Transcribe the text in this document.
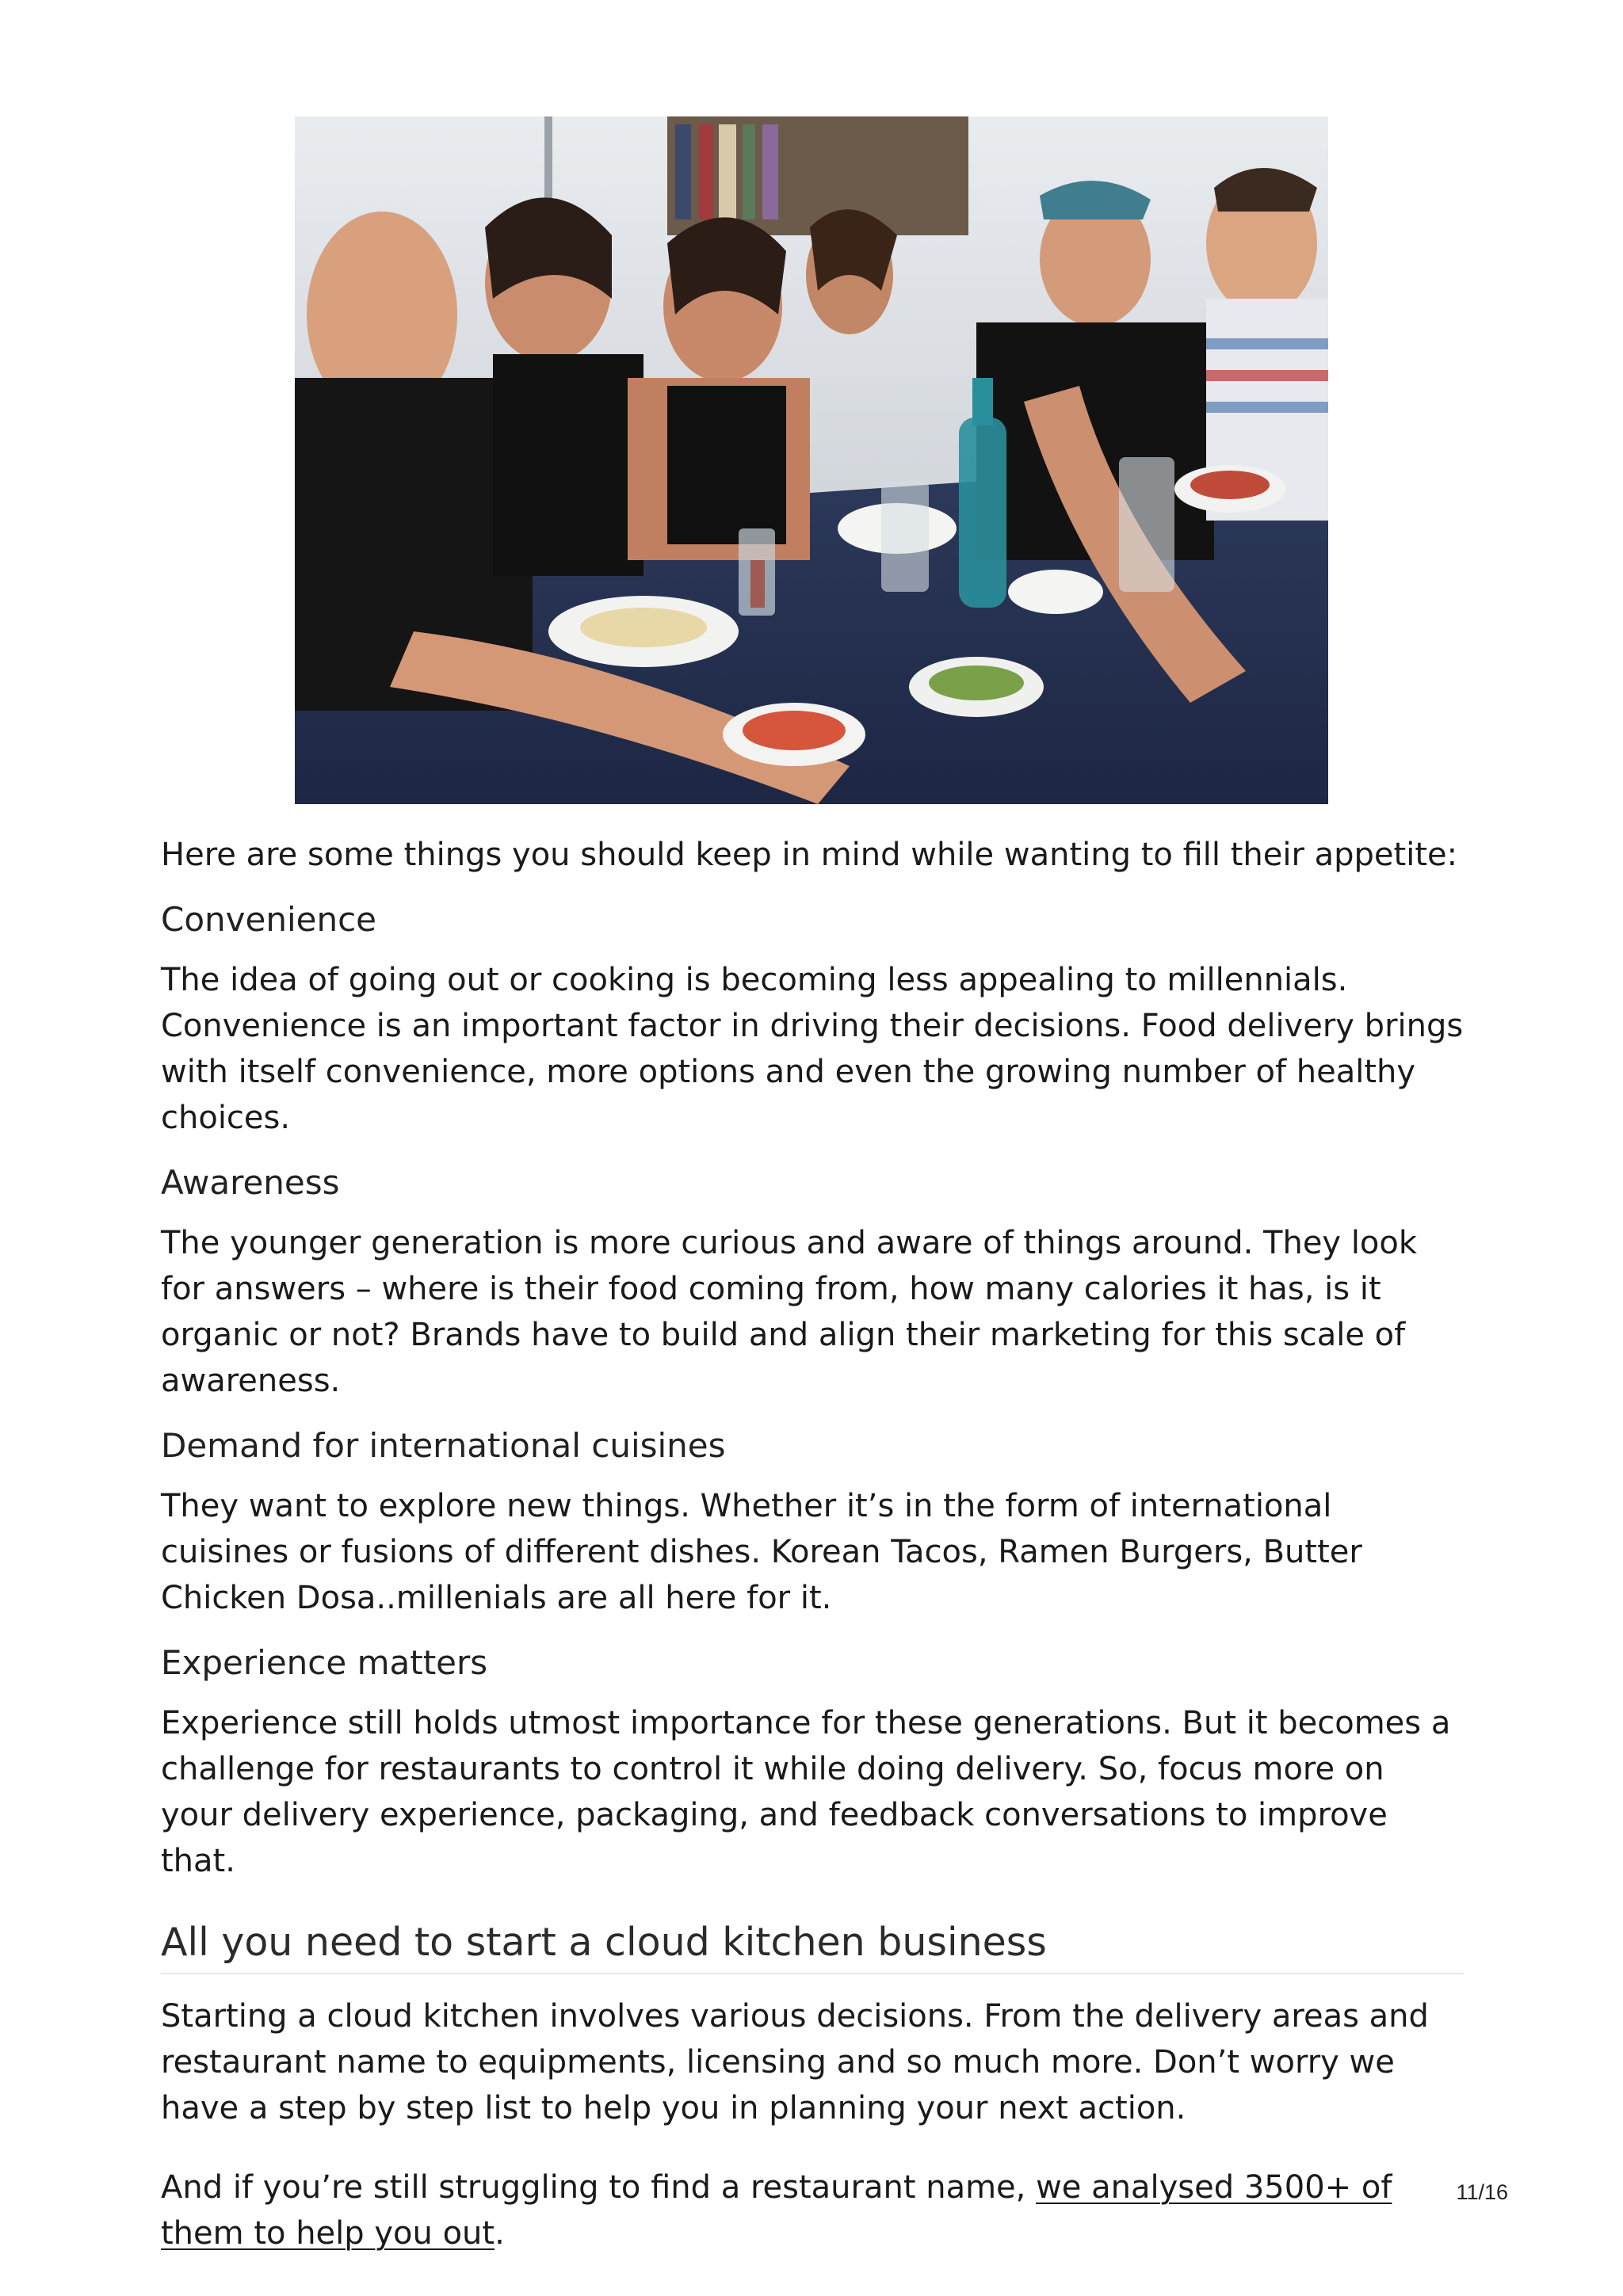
Here are some things you should keep in mind while wanting to fill their appetite:

Convenience

The idea of going out or cooking is becoming less appealing to millennials. Convenience is an important factor in driving their decisions. Food delivery brings with itself convenience, more options and even the growing number of healthy choices.

Awareness

The younger generation is more curious and aware of things around. They look for answers – where is their food coming from, how many calories it has, is it organic or not? Brands have to build and align their marketing for this scale of awareness.

Demand for international cuisines

They want to explore new things. Whether it’s in the form of international cuisines or fusions of different dishes. Korean Tacos, Ramen Burgers, Butter Chicken Dosa..millenials are all here for it.

Experience matters

Experience still holds utmost importance for these generations. But it becomes a challenge for restaurants to control it while doing delivery. So, focus more on your delivery experience, packaging, and feedback conversations to improve that.

All you need to start a cloud kitchen business

Starting a cloud kitchen involves various decisions. From the delivery areas and restaurant name to equipments, licensing and so much more. Don’t worry we have a step by step list to help you in planning your next action.

And if you’re still struggling to find a restaurant name, we analysed 3500+ of them to help you out.

11/16
